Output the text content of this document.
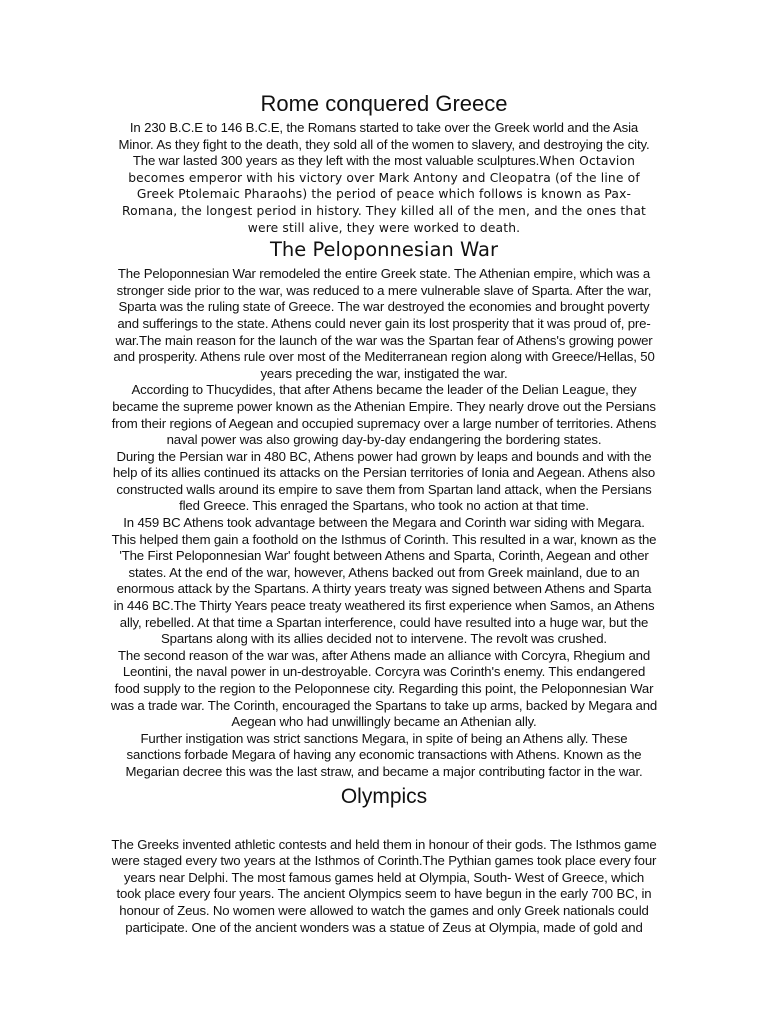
Rome conquered Greece
In 230 B.C.E to 146 B.C.E, the Romans started to take over the Greek world and the Asia
Minor. As they fight to the death, they sold all of the women to slavery, and destroying the city.
The war lasted 300 years as they left with the most valuable sculptures.When Octavion
becomes emperor with his victory over Mark Antony and Cleopatra (of the line of
Greek Ptolemaic Pharaohs) the period of peace which follows is known as Pax-
Romana, the longest period in history. They killed all of the men, and the ones that
were still alive, they were worked to death.
The Peloponnesian War
The Peloponnesian War remodeled the entire Greek state. The Athenian empire, which was a
stronger side prior to the war, was reduced to a mere vulnerable slave of Sparta. After the war,
Sparta was the ruling state of Greece. The war destroyed the economies and brought poverty
and sufferings to the state. Athens could never gain its lost prosperity that it was proud of, pre-
war.The main reason for the launch of the war was the Spartan fear of Athens's growing power
and prosperity. Athens rule over most of the Mediterranean region along with Greece/Hellas, 50
years preceding the war, instigated the war.
According to Thucydides, that after Athens became the leader of the Delian League, they
became the supreme power known as the Athenian Empire. They nearly drove out the Persians
from their regions of Aegean and occupied supremacy over a large number of territories. Athens
naval power was also growing day-by-day endangering the bordering states.
During the Persian war in 480 BC, Athens power had grown by leaps and bounds and with the
help of its allies continued its attacks on the Persian territories of Ionia and Aegean. Athens also
constructed walls around its empire to save them from Spartan land attack, when the Persians
fled Greece. This enraged the Spartans, who took no action at that time.
In 459 BC Athens took advantage between the Megara and Corinth war siding with Megara.
This helped them gain a foothold on the Isthmus of Corinth. This resulted in a war, known as the
'The First Peloponnesian War' fought between Athens and Sparta, Corinth, Aegean and other
states. At the end of the war, however, Athens backed out from Greek mainland, due to an
enormous attack by the Spartans. A thirty years treaty was signed between Athens and Sparta
in 446 BC.The Thirty Years peace treaty weathered its first experience when Samos, an Athens
ally, rebelled. At that time a Spartan interference, could have resulted into a huge war, but the
Spartans along with its allies decided not to intervene. The revolt was crushed.
The second reason of the war was, after Athens made an alliance with Corcyra, Rhegium and
Leontini, the naval power in un-destroyable. Corcyra was Corinth's enemy. This endangered
food supply to the region to the Peloponnese city. Regarding this point, the Peloponnesian War
was a trade war. The Corinth, encouraged the Spartans to take up arms, backed by Megara and
Aegean who had unwillingly became an Athenian ally.
Further instigation was strict sanctions Megara, in spite of being an Athens ally. These
sanctions forbade Megara of having any economic transactions with Athens. Known as the
Megarian decree this was the last straw, and became a major contributing factor in the war.
Olympics
The Greeks invented athletic contests and held them in honour of their gods. The Isthmos game
were staged every two years at the Isthmos of Corinth.The Pythian games took place every four
years near Delphi. The most famous games held at Olympia, South- West of Greece, which
took place every four years. The ancient Olympics seem to have begun in the early 700 BC, in
honour of Zeus. No women were allowed to watch the games and only Greek nationals could
participate. One of the ancient wonders was a statue of Zeus at Olympia, made of gold and
